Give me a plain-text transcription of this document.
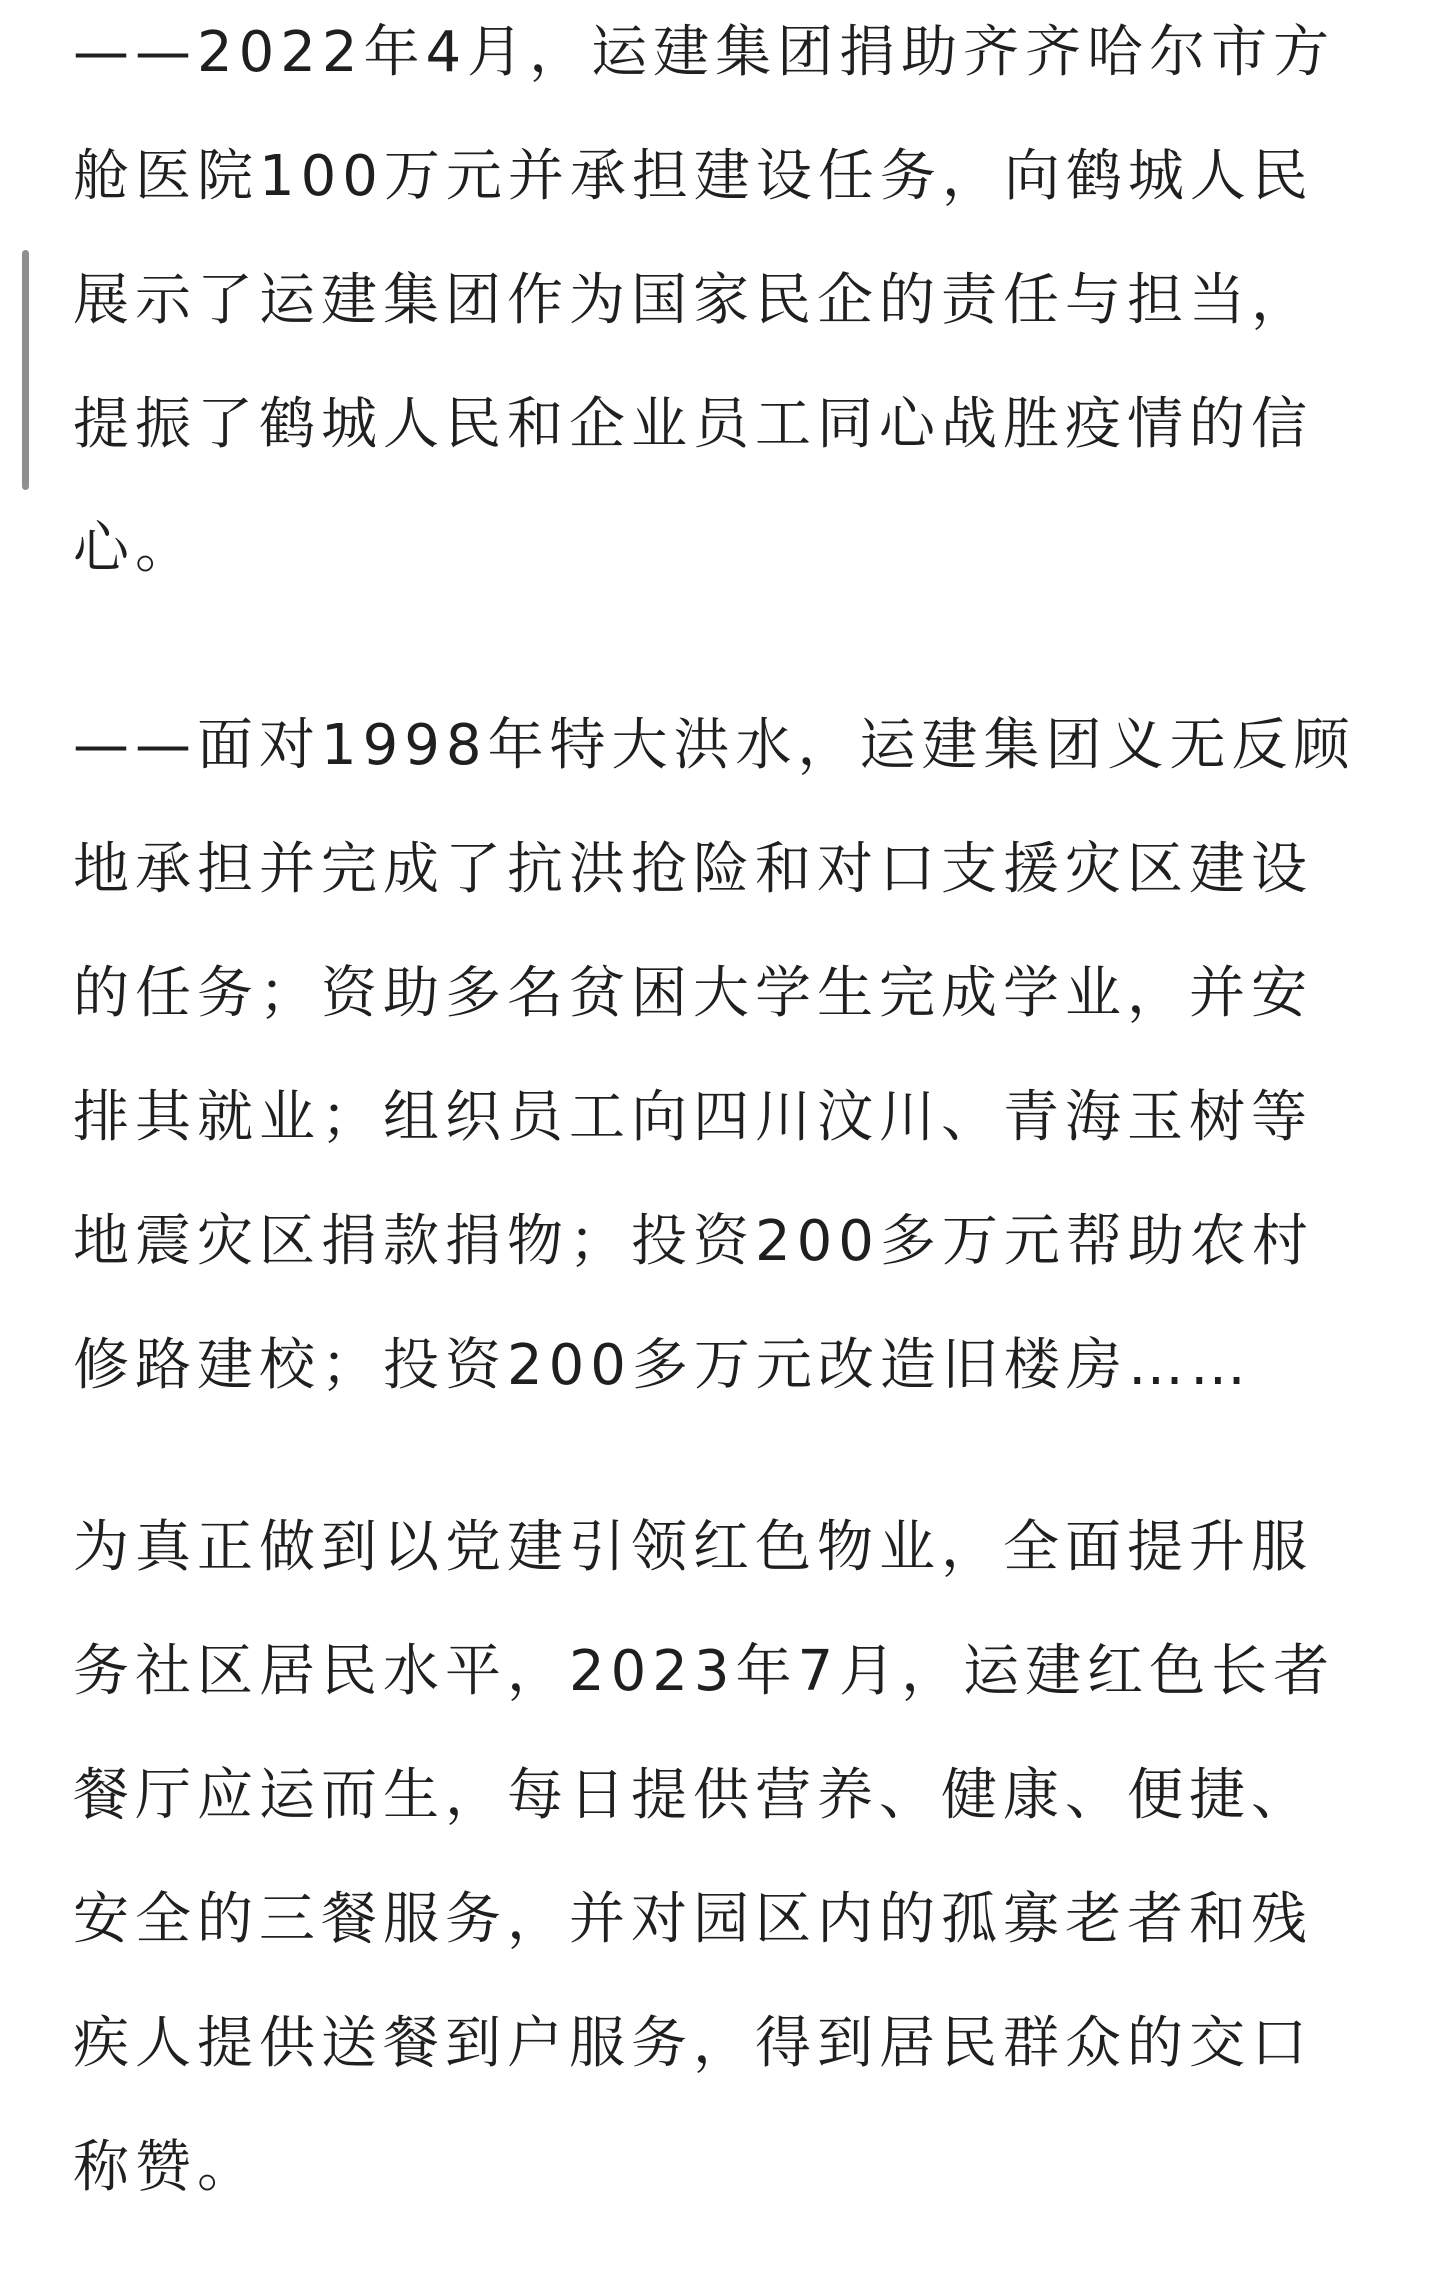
——2022年4月，运建集团捐助齐齐哈尔市方
舱医院100万元并承担建设任务，向鹤城人民
展示了运建集团作为国家民企的责任与担当，
提振了鹤城人民和企业员工同心战胜疫情的信
心。

——面对1998年特大洪水，运建集团义无反顾
地承担并完成了抗洪抢险和对口支援灾区建设
的任务；资助多名贫困大学生完成学业，并安
排其就业；组织员工向四川汶川、青海玉树等
地震灾区捐款捐物；投资200多万元帮助农村
修路建校；投资200多万元改造旧楼房……

为真正做到以党建引领红色物业，全面提升服
务社区居民水平，2023年7月，运建红色长者
餐厅应运而生，每日提供营养、健康、便捷、
安全的三餐服务，并对园区内的孤寡老者和残
疾人提供送餐到户服务，得到居民群众的交口
称赞。
